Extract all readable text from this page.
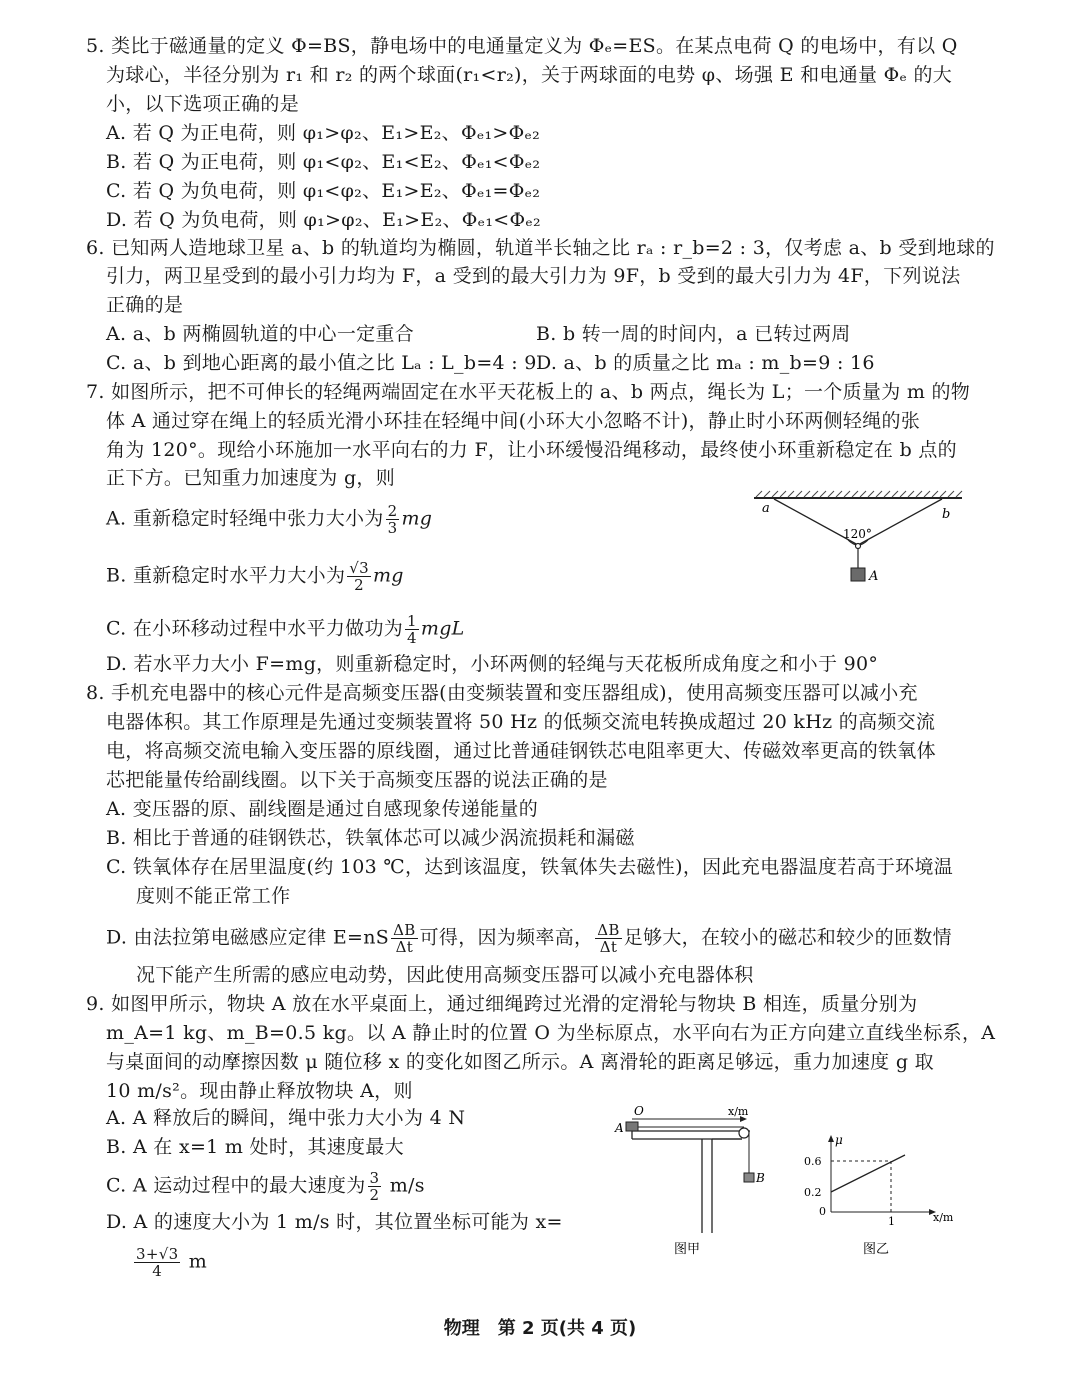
5. 类比于磁通量的定义 Φ=BS，静电场中的电通量定义为 Φₑ=ES。在某点电荷 Q 的电场中，有以 Q
为球心，半径分别为 r₁ 和 r₂ 的两个球面(r₁<r₂)，关于两球面的电势 φ、场强 E 和电通量 Φₑ 的大
小，以下选项正确的是
A. 若 Q 为正电荷，则 φ₁>φ₂、E₁>E₂、Φₑ₁>Φₑ₂
B. 若 Q 为正电荷，则 φ₁<φ₂、E₁<E₂、Φₑ₁<Φₑ₂
C. 若 Q 为负电荷，则 φ₁<φ₂、E₁>E₂、Φₑ₁=Φₑ₂
D. 若 Q 为负电荷，则 φ₁>φ₂、E₁>E₂、Φₑ₁<Φₑ₂
6. 已知两人造地球卫星 a、b 的轨道均为椭圆，轨道半长轴之比 rₐ : r_b=2 : 3，仅考虑 a、b 受到地球的
引力，两卫星受到的最小引力均为 F，a 受到的最大引力为 9F，b 受到的最大引力为 4F，下列说法
正确的是
A. a、b 两椭圆轨道的中心一定重合	B. b 转一周的时间内，a 已转过两周
C. a、b 到地心距离的最小值之比 Lₐ : L_b=4 : 9 D. a、b 的质量之比 mₐ : m_b=9 : 16
7. 如图所示，把不可伸长的轻绳两端固定在水平天花板上的 a、b 两点，绳长为 L；一个质量为 m 的物
体 A 通过穿在绳上的轻质光滑小环挂在轻绳中间(小环大小忽略不计)，静止时小环两侧轻绳的张
角为 120°。现给小环施加一水平向右的力 F，让小环缓慢沿绳移动，最终使小环重新稳定在 b 点的
正下方。已知重力加速度为 g，则
A. 重新稳定时轻绳中张力大小为 $\frac{2}{3}$ mg
B. 重新稳定时水平力大小为 $\frac{√3}{2}$ mg
C. 在小环移动过程中水平力做功为 $\frac{1}{4}$ mgL
D. 若水平力大小 F=mg，则重新稳定时，小环两侧的轻绳与天花板所成角度之和小于 90°
a	b
120°
A
8. 手机充电器中的核心元件是高频变压器(由变频装置和变压器组成)，使用高频变压器可以减小充
电器体积。其工作原理是先通过变频装置将 50 Hz 的低频交流电转换成超过 20 kHz 的高频交流
电，将高频交流电输入变压器的原线圈，通过比普通硅钢铁芯电阻率更大、传磁效率更高的铁氧体
芯把能量传给副线圈。以下关于高频变压器的说法正确的是
A. 变压器的原、副线圈是通过自感现象传递能量的
B. 相比于普通的硅钢铁芯，铁氧体芯可以减少涡流损耗和漏磁
C. 铁氧体存在居里温度(约 103 ℃，达到该温度，铁氧体失去磁性)，因此充电器温度若高于环境温
度则不能正常工作
D. 由法拉第电磁感应定律 $E=nS \frac{\Delta B}{\Delta t}$ 可得，因为频率高， $\frac{\Delta B}{\Delta t}$ 足够大，在较小的磁芯和较少的匝数情
况下能产生所需的感应电动势，因此使用高频变压器可以减小充电器体积
9. 如图甲所示，物块 A 放在水平桌面上，通过细绳跨过光滑的定滑轮与物块 B 相连，质量分别为
m_A=1 kg、m_B=0.5 kg。以 A 静止时的位置 O 为坐标原点，水平向右为正方向建立直线坐标系，A
与桌面间的动摩擦因数 μ 随位移 x 的变化如图乙所示。A 离滑轮的距离足够远，重力加速度 g 取
10 m/s²。现由静止释放物块 A，则
A. A 释放后的瞬间，绳中张力大小为 4 N
B. A 在 x=1 m 处时，其速度最大
C. A 运动过程中的最大速度为 $\frac{3}{2} m/s$
D. A 的速度大小为 1 m/s 时，其位置坐标可能为 x=
$\frac{3+√3}{4}$ m
O	x/m
A
B
图甲
μ
0.6
0.2
0
1	x/m
图乙
物理　第 2 页(共 4 页)
